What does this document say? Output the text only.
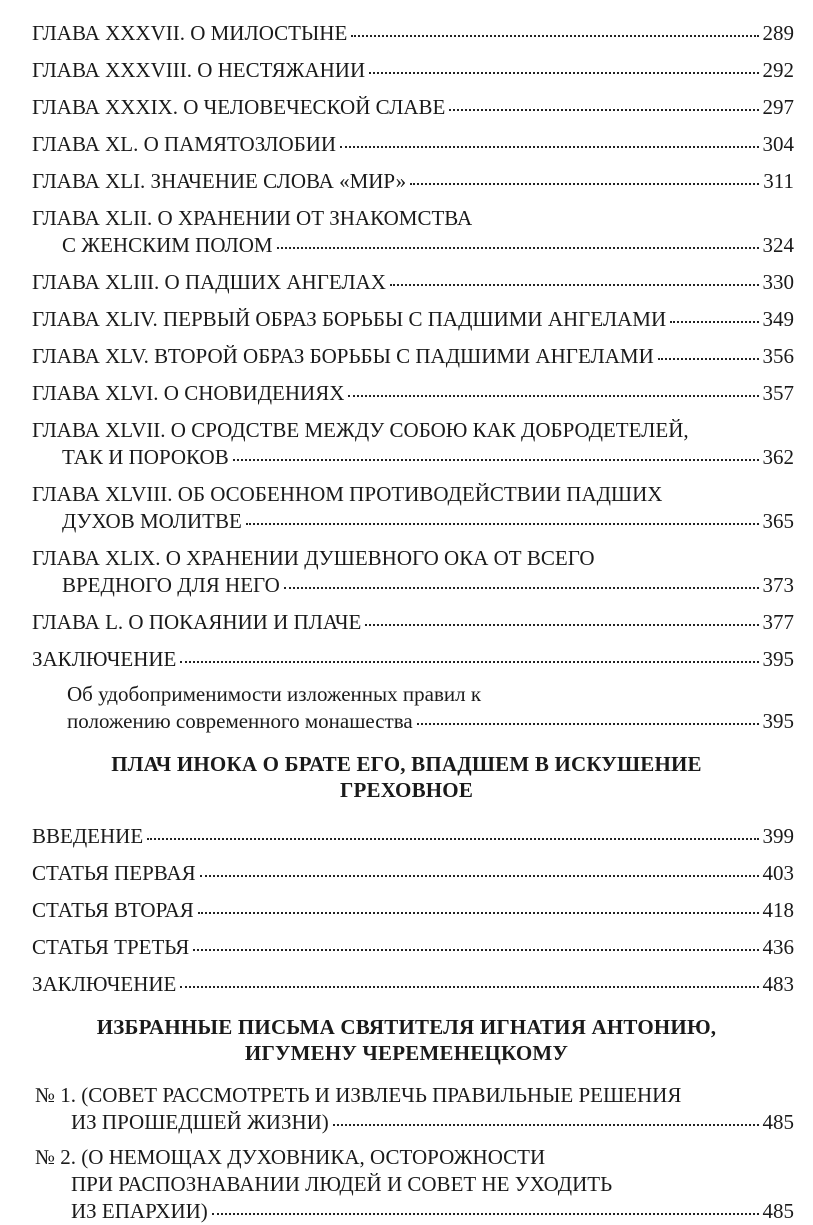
ГЛАВА XXXVII. О МИЛОСТЫНЕ	289
ГЛАВА XXXVIII. О НЕСТЯЖАНИИ	292
ГЛАВА XXXIX. О ЧЕЛОВЕЧЕСКОЙ СЛАВЕ	297
ГЛАВА XL. О ПАМЯТОЗЛОБИИ	304
ГЛАВА XLI. ЗНАЧЕНИЕ СЛОВА «МИР»	311
ГЛАВА XLII. О ХРАНЕНИИ ОТ ЗНАКОМСТВА
С ЖЕНСКИМ ПОЛОМ	324
ГЛАВА XLIII. О ПАДШИХ АНГЕЛАХ	330
ГЛАВА XLIV. ПЕРВЫЙ ОБРАЗ БОРЬБЫ С ПАДШИМИ АНГЕЛАМИ	349
ГЛАВА XLV. ВТОРОЙ ОБРАЗ БОРЬБЫ С ПАДШИМИ АНГЕЛАМИ	356
ГЛАВА XLVI. О СНОВИДЕНИЯХ	357
ГЛАВА XLVII. О СРОДСТВЕ МЕЖДУ СОБОЮ КАК ДОБРОДЕТЕЛЕЙ,
ТАК И ПОРОКОВ	362
ГЛАВА XLVIII. ОБ ОСОБЕННОМ ПРОТИВОДЕЙСТВИИ ПАДШИХ
ДУХОВ МОЛИТВЕ	365
ГЛАВА XLIX. О ХРАНЕНИИ ДУШЕВНОГО ОКА ОТ ВСЕГО
ВРЕДНОГО ДЛЯ НЕГО	373
ГЛАВА L. О ПОКАЯНИИ И ПЛАЧЕ	377
ЗАКЛЮЧЕНИЕ	395
Об удобоприменимости изложенных правил к
положению современного монашества	395
ПЛАЧ ИНОКА О БРАТЕ ЕГО, ВПАДШЕМ В ИСКУШЕНИЕ
ГРЕХОВНОЕ
ВВЕДЕНИЕ	399
СТАТЬЯ ПЕРВАЯ	403
СТАТЬЯ ВТОРАЯ	418
СТАТЬЯ ТРЕТЬЯ	436
ЗАКЛЮЧЕНИЕ	483
ИЗБРАННЫЕ ПИСЬМА СВЯТИТЕЛЯ ИГНАТИЯ АНТОНИЮ,
ИГУМЕНУ ЧЕРЕМЕНЕЦКОМУ
№ 1. (СОВЕТ РАССМОТРЕТЬ И ИЗВЛЕЧЬ ПРАВИЛЬНЫЕ РЕШЕНИЯ
ИЗ ПРОШЕДШЕЙ ЖИЗНИ)	485
№ 2. (О НЕМОЩАХ ДУХОВНИКА, ОСТОРОЖНОСТИ
ПРИ РАСПОЗНАВАНИИ ЛЮДЕЙ И СОВЕТ НЕ УХОДИТЬ
ИЗ ЕПАРХИИ)	485
